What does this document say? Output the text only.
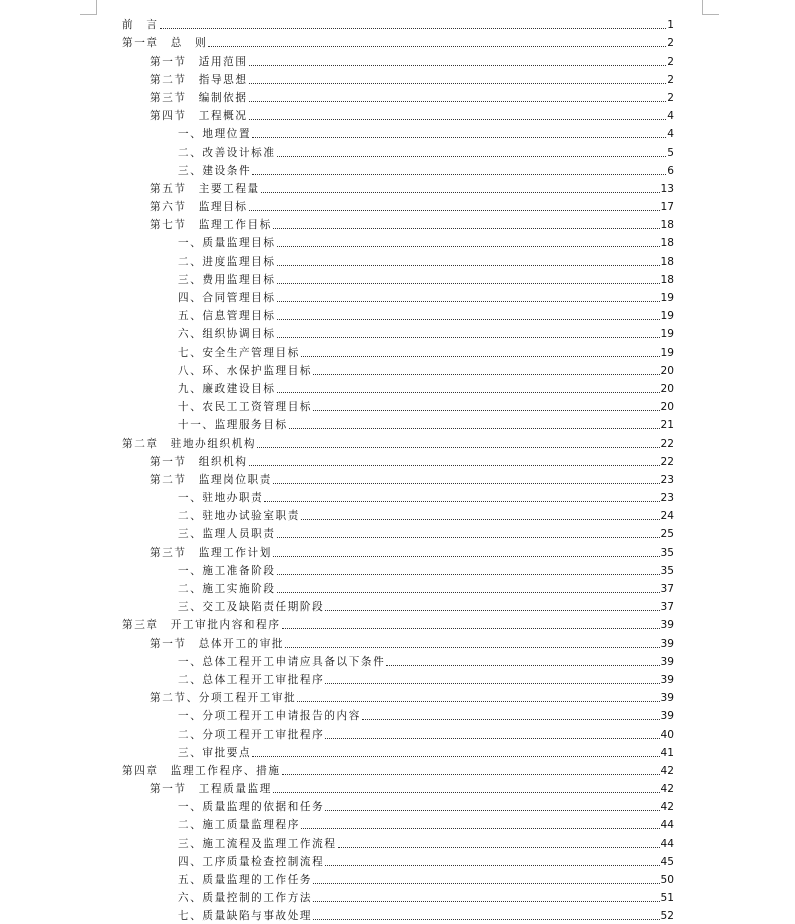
前　言	1
第一章　总　则	2
第一节　适用范围	2
第二节　指导思想	2
第三节　编制依据	2
第四节　工程概况	4
一、地理位置	4
二、改善设计标准	5
三、建设条件	6
第五节　主要工程量	13
第六节　监理目标	17
第七节　监理工作目标	18
一、质量监理目标	18
二、进度监理目标	18
三、费用监理目标	18
四、合同管理目标	19
五、信息管理目标	19
六、组织协调目标	19
七、安全生产管理目标	19
八、环、水保护监理目标	20
九、廉政建设目标	20
十、农民工工资管理目标	20
十一、监理服务目标	21
第二章　驻地办组织机构	22
第一节　组织机构	22
第二节　监理岗位职责	23
一、驻地办职责	23
二、驻地办试验室职责	24
三、监理人员职责	25
第三节　监理工作计划	35
一、施工准备阶段	35
二、施工实施阶段	37
三、交工及缺陷责任期阶段	37
第三章　开工审批内容和程序	39
第一节　总体开工的审批	39
一、总体工程开工申请应具备以下条件	39
二、总体工程开工审批程序	39
第二节、分项工程开工审批	39
一、分项工程开工申请报告的内容	39
二、分项工程开工审批程序	40
三、审批要点	41
第四章　监理工作程序、措施	42
第一节　工程质量监理	42
一、质量监理的依据和任务	42
二、施工质量监理程序	44
三、施工流程及监理工作流程	44
四、工序质量检查控制流程	45
五、质量监理的工作任务	50
六、质量控制的工作方法	51
七、质量缺陷与事故处理	52
